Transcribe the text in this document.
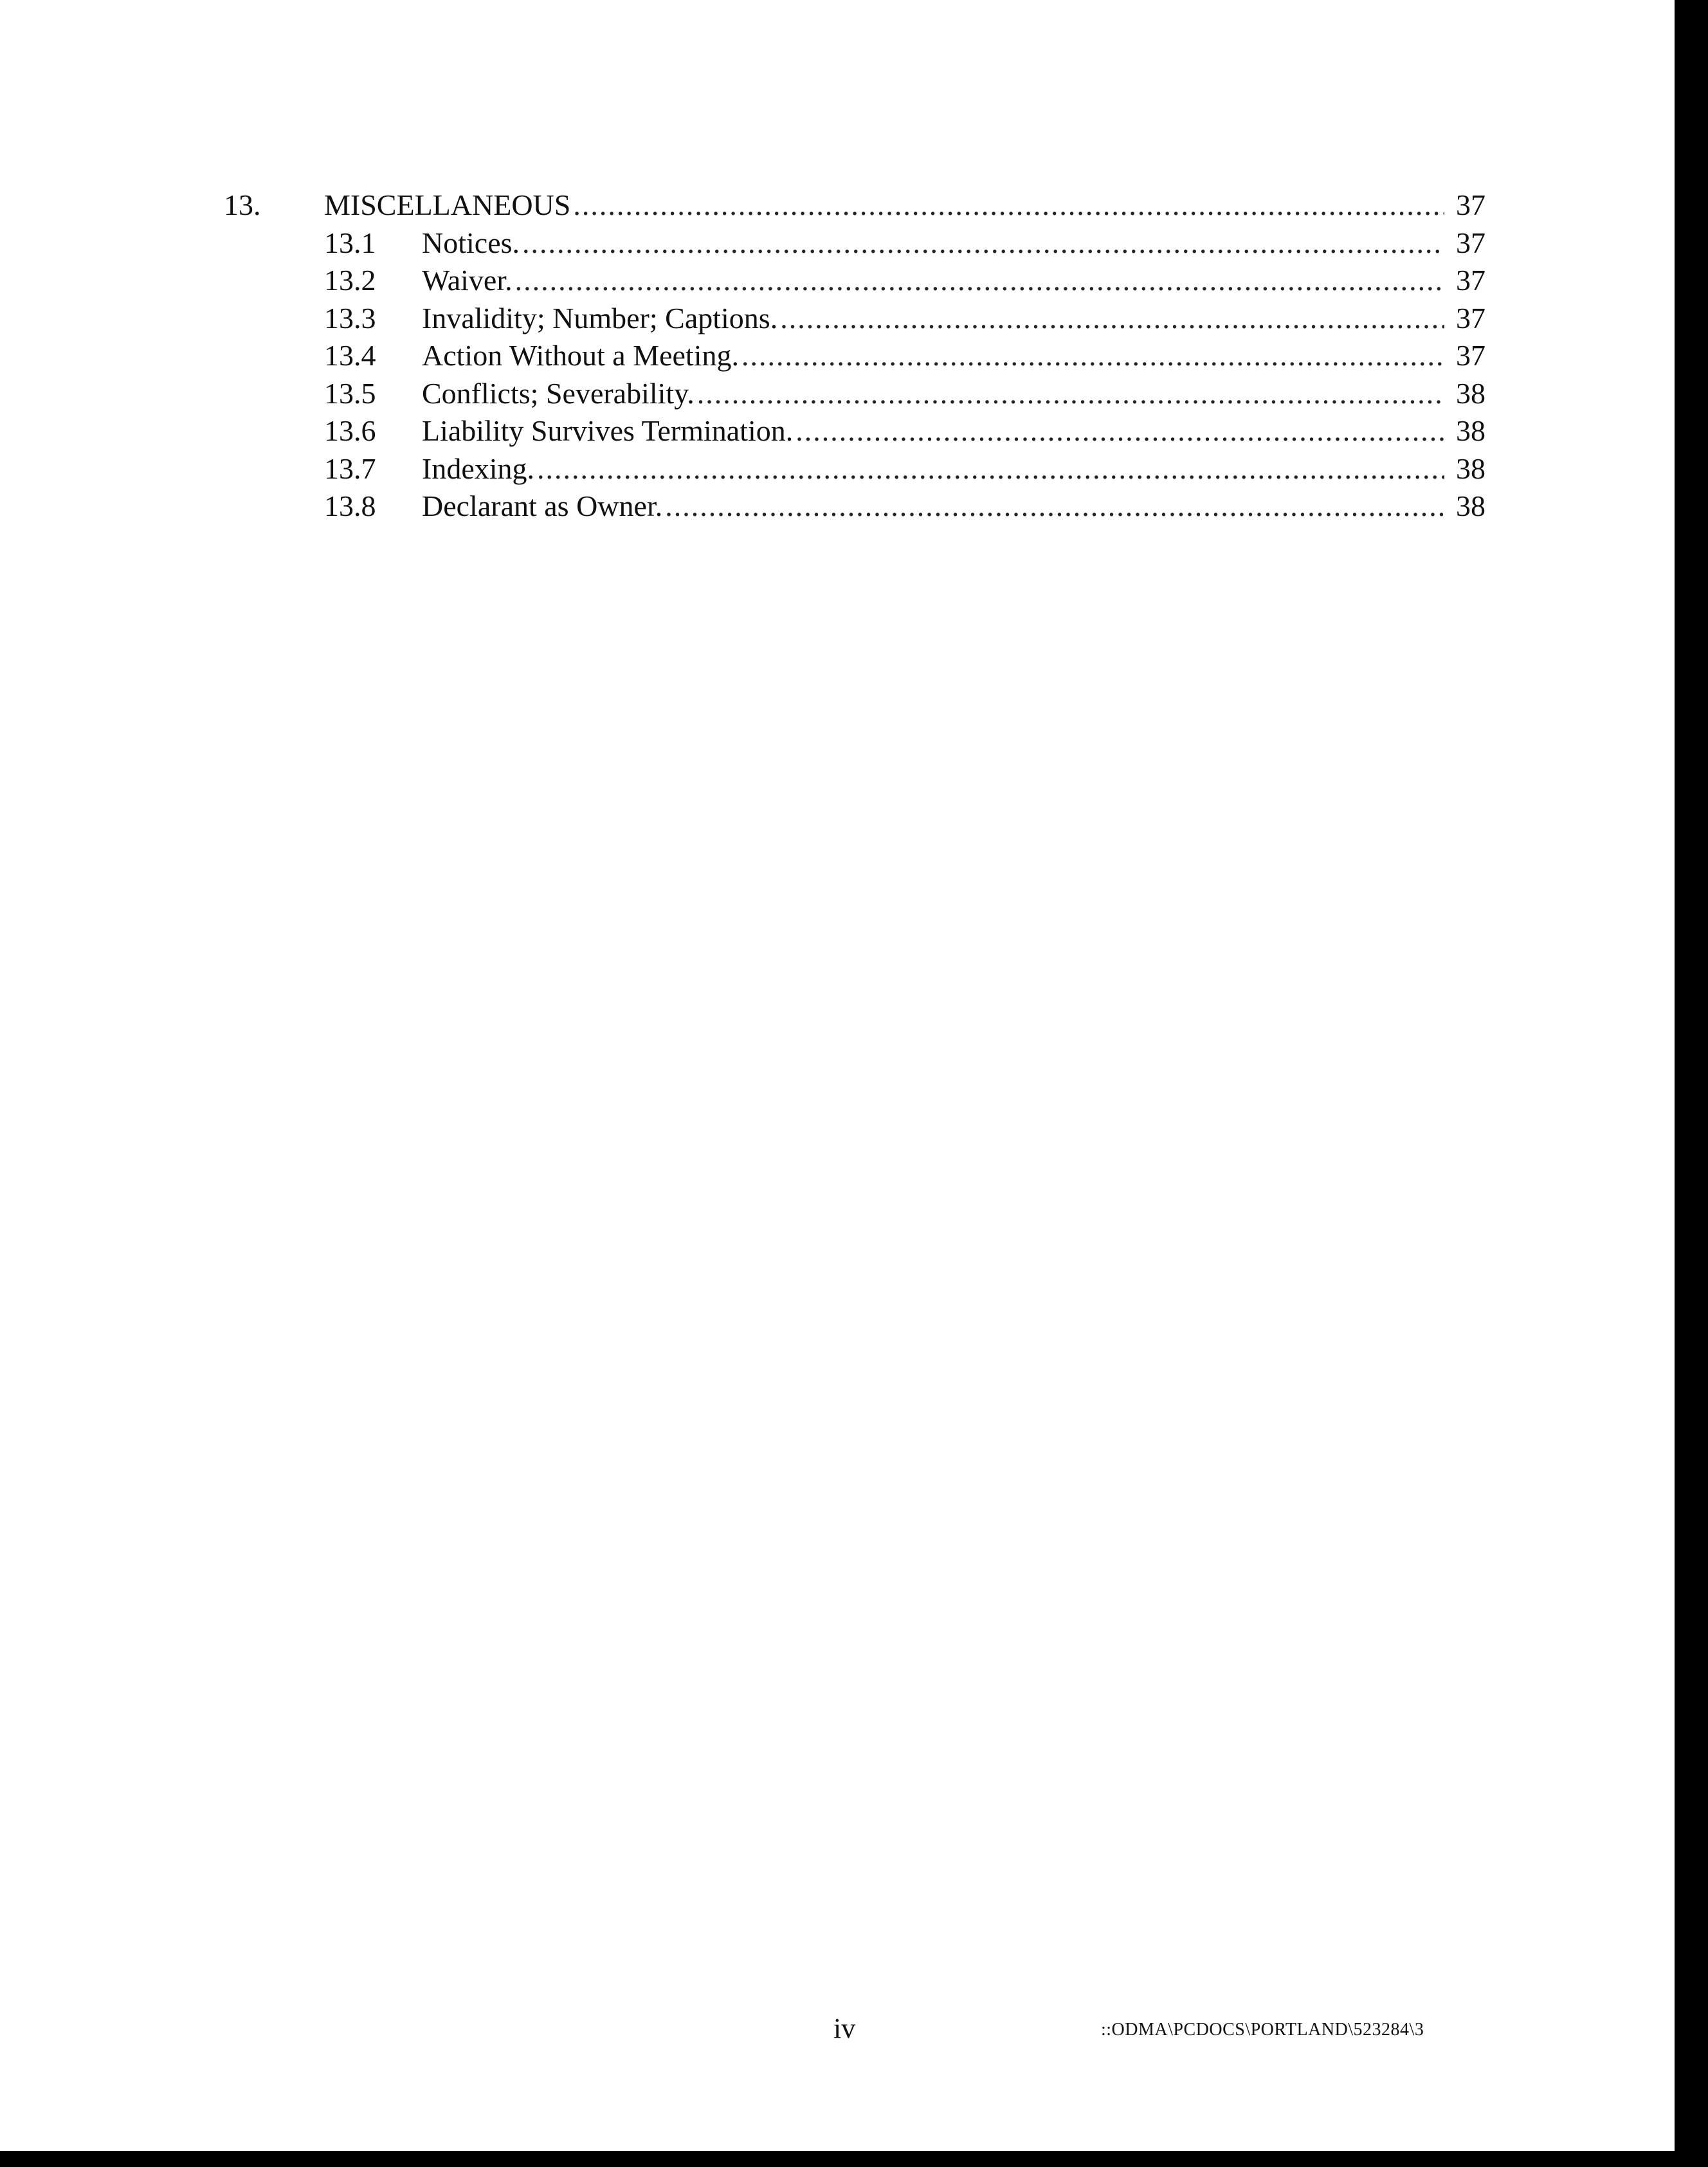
13.	MISCELLANEOUS .....	37
13.1	Notices. .....	37
13.2	Waiver. .....	37
13.3	Invalidity; Number; Captions. .....	37
13.4	Action Without a Meeting. .....	37
13.5	Conflicts; Severability. .....	38
13.6	Liability Survives Termination. .....	38
13.7	Indexing. .....	38
13.8	Declarant as Owner. .....	38
iv	::ODMA\PCDOCS\PORTLAND\523284\3
